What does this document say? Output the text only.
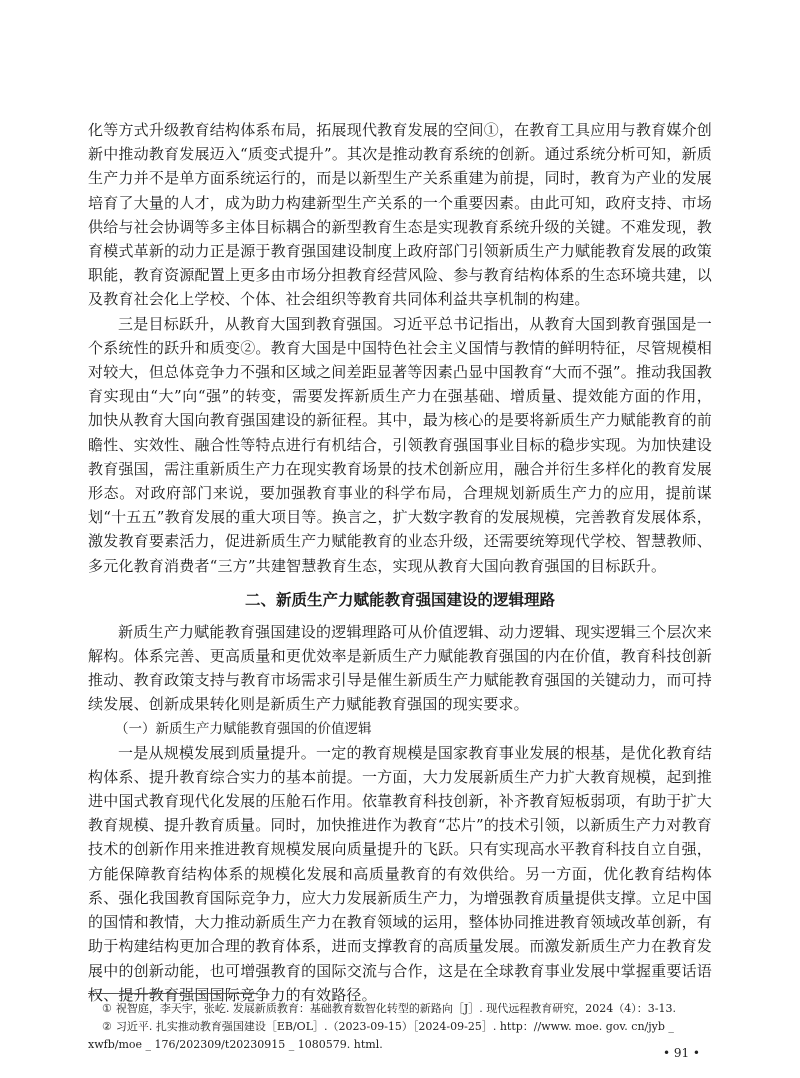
化等方式升级教育结构体系布局，拓展现代教育发展的空间①，在教育工具应用与教育媒介创新中推动教育发展迈入“质变式提升”。其次是推动教育系统的创新。通过系统分析可知，新质生产力并不是单方面系统运行的，而是以新型生产关系重建为前提，同时，教育为产业的发展培育了大量的人才，成为助力构建新型生产关系的一个重要因素。由此可知，政府支持、市场供给与社会协调等多主体目标耦合的新型教育生态是实现教育系统升级的关键。不难发现，教育模式革新的动力正是源于教育强国建设制度上政府部门引领新质生产力赋能教育发展的政策职能，教育资源配置上更多由市场分担教育经营风险、参与教育结构体系的生态环境共建，以及教育社会化上学校、个体、社会组织等教育共同体利益共享机制的构建。

三是目标跃升，从教育大国到教育强国。习近平总书记指出，从教育大国到教育强国是一个系统性的跃升和质变②。教育大国是中国特色社会主义国情与教情的鲜明特征，尽管规模相对较大，但总体竞争力不强和区域之间差距显著等因素凸显中国教育“大而不强”。推动我国教育实现由“大”向“强”的转变，需要发挥新质生产力在强基础、增质量、提效能方面的作用，加快从教育大国向教育强国建设的新征程。其中，最为核心的是要将新质生产力赋能教育的前瞻性、实效性、融合性等特点进行有机结合，引领教育强国事业目标的稳步实现。为加快建设教育强国，需注重新质生产力在现实教育场景的技术创新应用，融合并衍生多样化的教育发展形态。对政府部门来说，要加强教育事业的科学布局，合理规划新质生产力的应用，提前谋划“十五五”教育发展的重大项目等。换言之，扩大数字教育的发展规模，完善教育发展体系，激发教育要素活力，促进新质生产力赋能教育的业态升级，还需要统筹现代学校、智慧教师、多元化教育消费者“三方”共建智慧教育生态，实现从教育大国向教育强国的目标跃升。

二、新质生产力赋能教育强国建设的逻辑理路

新质生产力赋能教育强国建设的逻辑理路可从价值逻辑、动力逻辑、现实逻辑三个层次来解构。体系完善、更高质量和更优效率是新质生产力赋能教育强国的内在价值，教育科技创新推动、教育政策支持与教育市场需求引导是催生新质生产力赋能教育强国的关键动力，而可持续发展、创新成果转化则是新质生产力赋能教育强国的现实要求。

（一）新质生产力赋能教育强国的价值逻辑

一是从规模发展到质量提升。一定的教育规模是国家教育事业发展的根基，是优化教育结构体系、提升教育综合实力的基本前提。一方面，大力发展新质生产力扩大教育规模，起到推进中国式教育现代化发展的压舱石作用。依靠教育科技创新，补齐教育短板弱项，有助于扩大教育规模、提升教育质量。同时，加快推进作为教育“芯片”的技术引领，以新质生产力对教育技术的创新作用来推进教育规模发展向质量提升的飞跃。只有实现高水平教育科技自立自强，方能保障教育结构体系的规模化发展和高质量教育的有效供给。另一方面，优化教育结构体系、强化我国教育国际竞争力，应大力发展新质生产力，为增强教育质量提供支撑。立足中国的国情和教情，大力推动新质生产力在教育领域的运用，整体协同推进教育领域改革创新，有助于构建结构更加合理的教育体系，进而支撑教育的高质量发展。而激发新质生产力在教育发展中的创新动能，也可增强教育的国际交流与合作，这是在全球教育事业发展中掌握重要话语权、提升教育强国国际竞争力的有效路径。

① 祝智庭，李天宇，张屹. 发展新质教育：基础教育数智化转型的新路向［J］. 现代远程教育研究，2024（4）：3-13.

② 习近平. 扎实推动教育强国建设［EB/OL］.（2023-09-15）［2024-09-25］. http：//www. moe. gov. cn/jyb _ xwfb/moe _ 176/202309/t20230915 _ 1080579. html.

• 91 •
